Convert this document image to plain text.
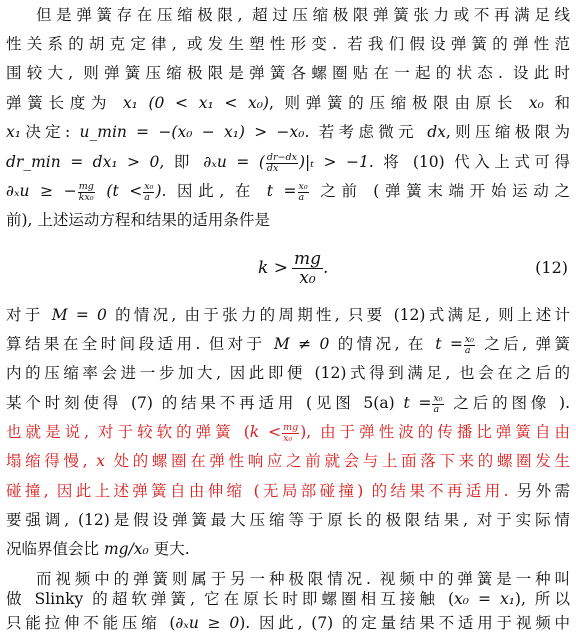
但是弹簧存在压缩极限, 超过压缩极限弹簧张力或不再满足线
性关系的胡克定律, 或发生塑性形变. 若我们假设弹簧的弹性范
围较大, 则弹簧压缩极限是弹簧各螺圈贴在一起的状态. 设此时
弹簧长度为 x₁ (0 < x₁ < x₀), 则弹簧的压缩极限由原长 x₀ 和
x₁决定: u_min = −(x₀ − x₁) > −x₀. 若考虑微元 dx,则压缩极限为
dr_min = dx₁ > 0, 即 ∂ₓu = ( $\frac{dr-dx}{dx} )|_t > -1$. 将 (10) 代入上式可得
∂ₓu ≥ − $\frac{mg}{\text{kx₀}} (t < \frac{\text{x₀}}{a}$ ). 因此, 在 $t = \frac{\text{x₀}}{a}$ 之前 (弹簧末端开始运动之
前), 上述运动方程和结果的适用条件是
$k > \frac{mg}{\text{x₀}}$ .	(12)
对于 M = 0 的情况, 由于张力的周期性, 只要 (12)式满足, 则上述计
算结果在全时间段适用. 但对于 M ≠ 0 的情况, 在 $t = \frac{\text{x₀}}{a}$ 之后, 弹簧
内的压缩率会进一步加大, 因此即便 (12)式得到满足, 也会在之后的
某个时刻使得 (7) 的结果不再适用 (见图 5(a) $t = \frac{\text{x₀}}{a}$ 之后的图像 ).
也就是说, 对于较软的弹簧 ($k < \frac{mg}{\text{x₀}}$ ), 由于弹性波的传播比弹簧自由
塌缩得慢, x 处的螺圈在弹性响应之前就会与上面落下来的螺圈发生
碰撞, 因此上述弹簧自由伸缩 (无局部碰撞) 的结果不再适用. 另外需
要强调, (12)是假设弹簧最大压缩等于原长的极限结果, 对于实际情
况临界值会比 mg/x₀ 更大.
而视频中的弹簧则属于另一种极限情况. 视频中的弹簧是一种叫
做 Slinky 的超软弹簧, 它在原长时即螺圈相互接触 (x₀ = x₁), 所以
只能拉伸不能压缩 (∂ₓu ≥ 0). 因此, (7) 的定量结果不适用于视频中
